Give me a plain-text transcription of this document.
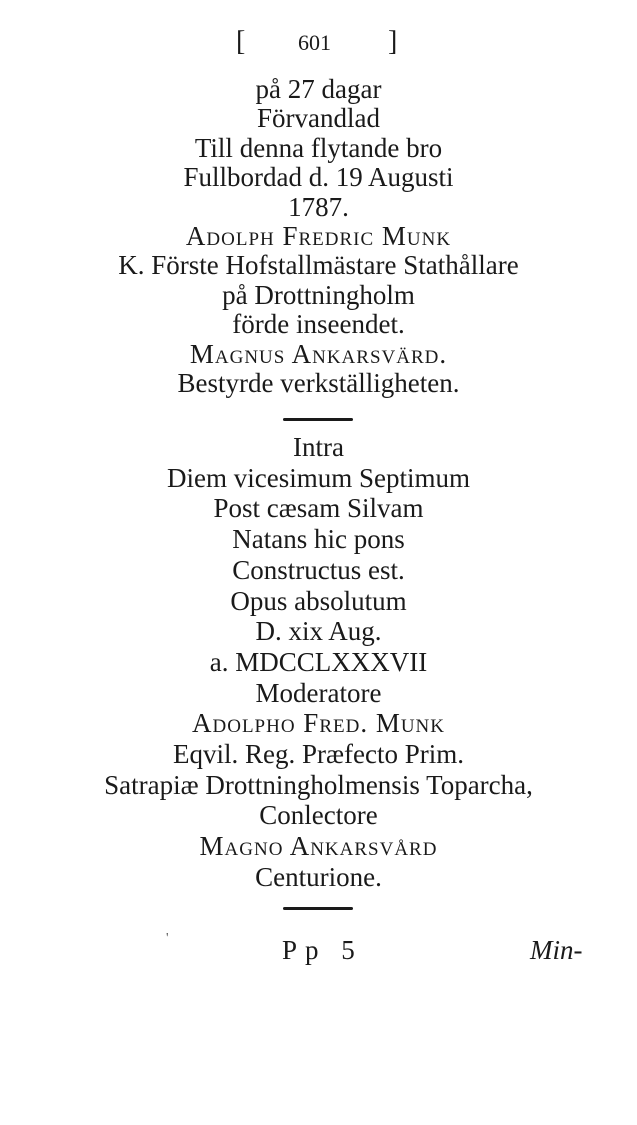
[ 601 ]
på 27 dagar
Förvandlad
Till denna flytande bro
Fullbordad d. 19 Augusti
1787.
Adolph Fredric Munk
K. Förste Hofstallmästare Stathållare
på Drottningholm
förde inseendet.
Magnus Ankarsvärd.
Bestyrde verkställigheten.
Intra
Diem vicesimum Septimum
Post cæsam Silvam
Natans hic pons
Constructus est.
Opus absolutum
D. xix Aug.
a. MDCCLXXXVII
Moderatore
Adolpho Fred. Munk
Eqvil. Reg. Præfecto Prim.
Satrapiæ Drottningholmensis Toparcha,
Conlectore
Magno Ankarsvård
Centurione.
'	Pp 5	Min-
